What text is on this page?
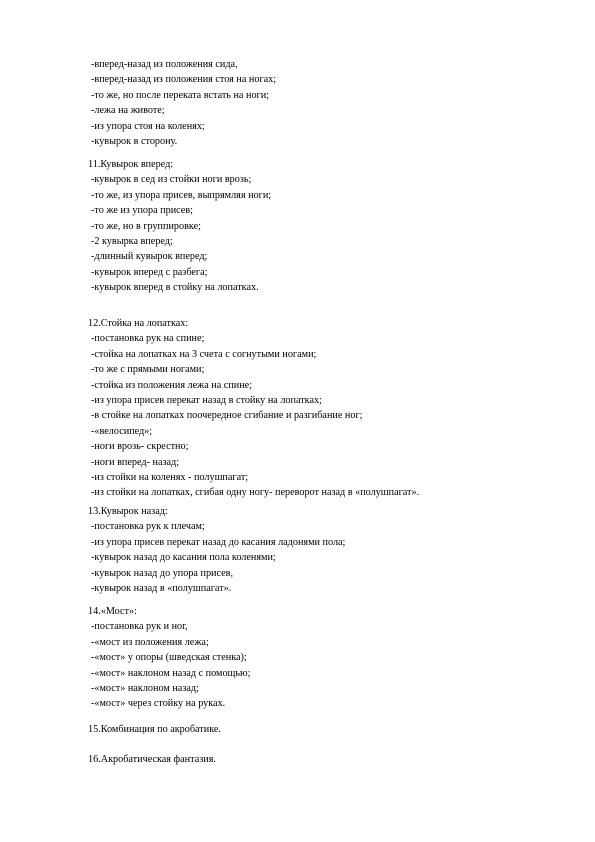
-вперед-назад из положения сида,
-вперед-назад из положения стоя на ногах;
-то же, но после переката встать на ноги;
-лежа на животе;
-из упора стоя на коленях;
-кувырок в сторону.
11.Кувырок вперед:
-кувырок в сед из стойки ноги врозь;
-то же, из упора присев, выпрямляя ноги;
-то же из упора присев;
-то же, но в группировке;
-2 кувырка вперед;
-длинный кувырок вперед;
-кувырок вперед с разбега;
-кувырок вперед в стойку на лопатках.
12.Стойка на лопатках:
-постановка рук на спине;
-стойка на лопатках на 3 счета с согнутыми ногами;
-то же с прямыми ногами;
-стойка из положения лежа на спине;
-из упора присев перекат назад в стойку на лопатках;
-в стойке на лопатках поочередное сгибание и разгибание ног;
-«велосипед»;
-ноги врозь- скрестно;
-ноги вперед- назад;
-из стойки на коленях - полушпагат;
-из стойки на лопатках, сгибая одну ногу- переворот назад в «полушпагат».
13.Кувырок назад:
-постановка рук к плечам;
-из упора присев перекат назад до касания ладонями пола;
-кувырок назад до касания пола коленями;
-кувырок назад до упора присев,
-кувырок назад в «полушпагат».
14.«Мост»:
-постановка рук и ног,
-«мост из положения лежа;
-«мост» у опоры (шведская стенка);
-«мост» наклоном назад с помощью;
-«мост» наклоном назад;
-«мост» через стойку на руках.
15.Комбинация по акробатике.
16.Акробатическая фантазия.
